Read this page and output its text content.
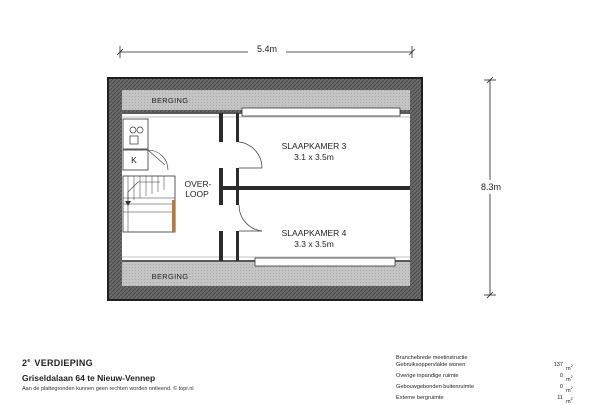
5.4m
8.3m
K
BERGING
BERGING
SLAAPKAMER 3
3.1 x 3.5m
SLAAPKAMER 4
3.3 x 3.5m
OVER-
LOOP
2e VERDIEPING
Griseldalaan 64 te Nieuw-Vennep
Aan de plattegronden kunnen geen rechten worden ontleend. © topr.nl
Branchebrede meetinstructie
Gebruiksoppervlakte wonen	137
$m^2$
Overige inpandige ruimte	0
$m^2$
Gebouwgebonden buitenruimte	0
$m^2$
Externe bergruimte	11
$m^2$
